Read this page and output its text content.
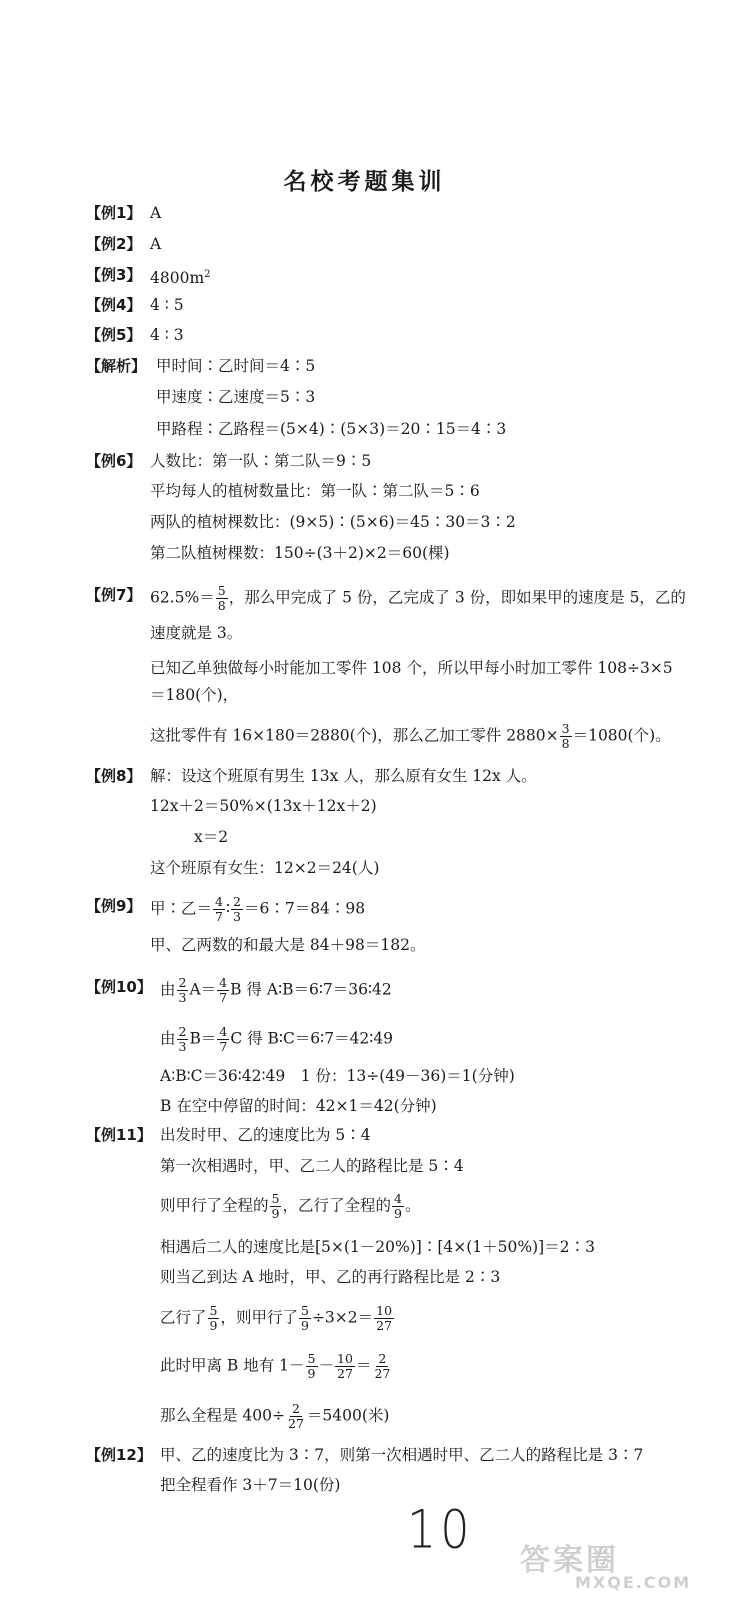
名校考题集训
【例1】 A
【例2】 A
【例3】 $4800m^2$
【例4】 4 ∶ 5
【例5】 4 ∶ 3
【解析】 甲时间∶乙时间＝4∶5
甲速度∶乙速度＝5∶3
甲路程∶乙路程＝(5×4)∶(5×3)＝20∶15＝4∶3
【例6】 人数比：第一队∶第二队＝9∶5
平均每人的植树数量比：第一队∶第二队＝5∶6
两队的植树棵数比：(9×5)∶(5×6)＝45∶30＝3∶2
第二队植树棵数：150÷(3＋2)×2＝60(棵)
【例7】 $62.5\%= \frac{5}{8}$ ，那么甲完成了 5 份，乙完成了 3 份，即如果甲的速度是 5，乙的
速度就是 3。
已知乙单独做每小时能加工零件 108 个，所以甲每小时加工零件 108÷3×5
＝180(个)，
这批零件有 16×180＝2880(个)，那么乙加工零件 $2880\times \frac{3}{8} =1080$(个)。
【例8】 解：设这个班原有男生 13x 人，那么原有女生 12x 人。
12x＋2＝50%×(13x＋12x＋2)
x＝2
这个班原有女生：12×2＝24(人)
【例9】 甲∶乙＝ $\frac{4}{7}$ ∶ $\frac{2}{3}$ ＝6∶7＝84∶98
甲、乙两数的和最大是 84＋98＝182。
【例10】 由 $\frac{2}{3} A= \frac{4}{7}$ B 得 A∶B＝6∶7＝36∶42
由 $\frac{2}{3} B= \frac{4}{7}$ C 得 B∶C＝6∶7＝42∶49
A∶B∶C＝36∶42∶49　1 份：13÷(49－36)＝1(分钟)
B 在空中停留的时间：42×1＝42(分钟)
【例11】 出发时甲、乙的速度比为 5∶4
第一次相遇时，甲、乙二人的路程比是 5∶4
则甲行了全程的 $\frac{5}{9}$ ，乙行了全程的 $\frac{4}{9}$ 。
相遇后二人的速度比是[5×(1－20%)]∶[4×(1＋50%)]＝2∶3
则当乙到达 A 地时，甲、乙的再行路程比是 2∶3
乙行了 $\frac{5}{9}$ ，则甲行了 $\frac{5}{9} \div 3\times 2= \frac{10}{27}$
此时甲离 B 地有 $1- \frac{5}{9} - \frac{10}{27} = \frac{2}{27}$
那么全程是 $400\div \frac{2}{27} =5400$(米)
【例12】 甲、乙的速度比为 3∶7，则第一次相遇时甲、乙二人的路程比是 3∶7
把全程看作 3＋7＝10(份)
10
答案圈
MXQE.COM
